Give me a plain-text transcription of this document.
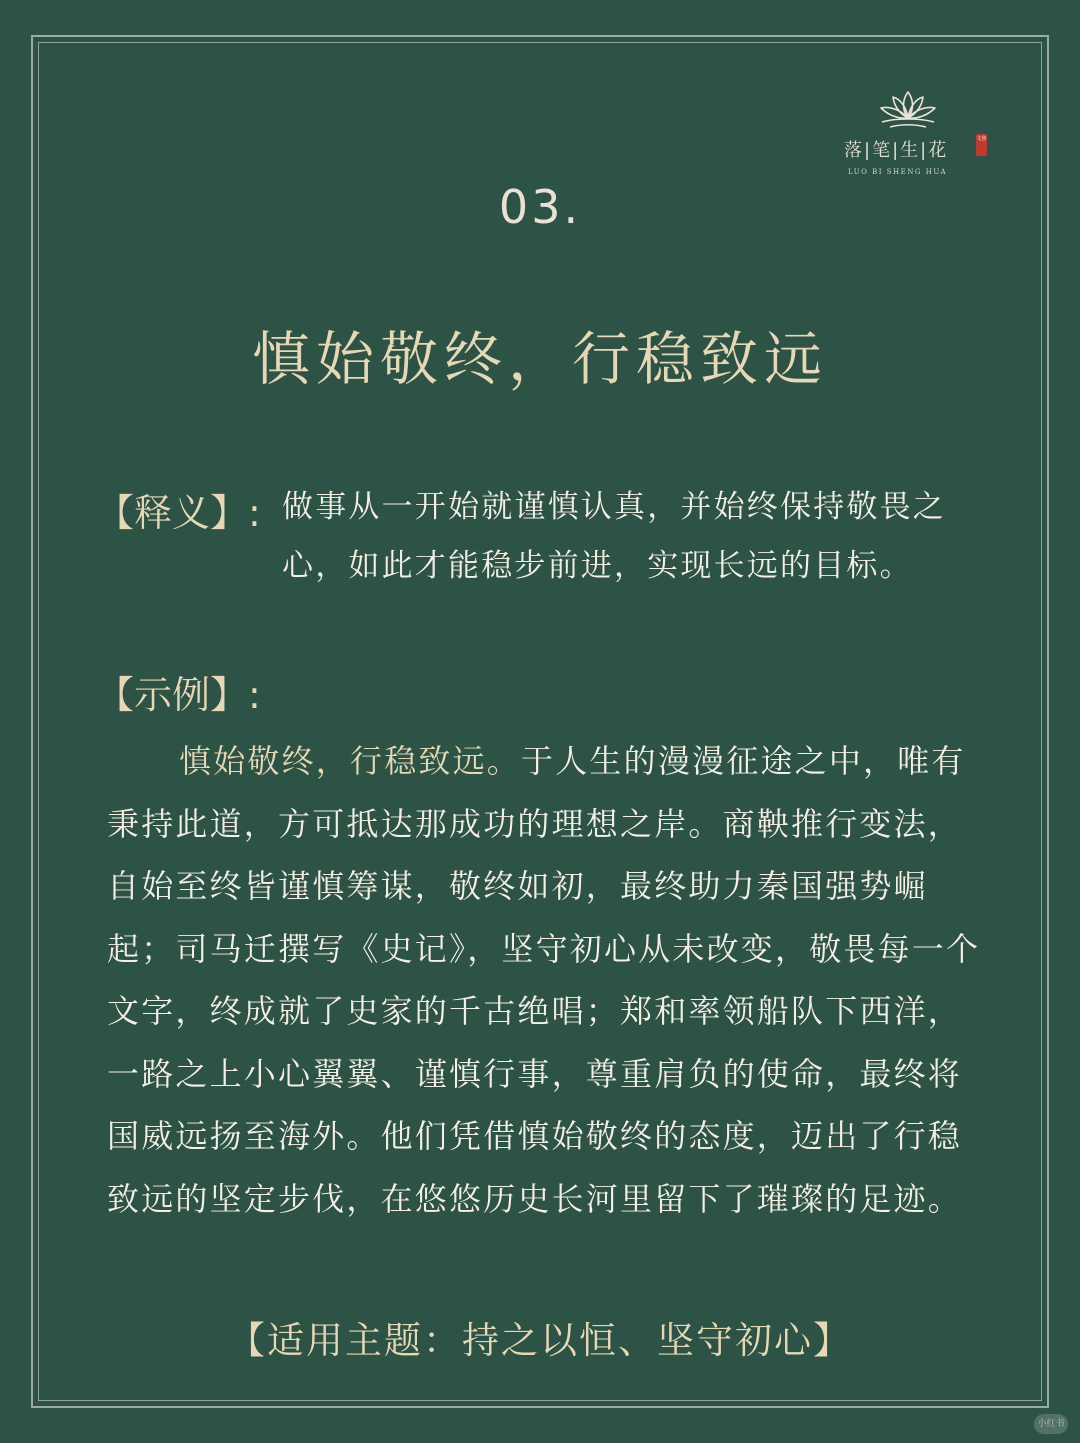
落|笔|生|花
文创
LUO BI SHENG HUA
03.
慎始敬终，行稳致远
【释义】: 做事从一开始就谨慎认真，并始终保持敬畏之心，如此才能稳步前进，实现长远的目标。
【示例】:
慎始敬终，行稳致远。于人生的漫漫征途之中，唯有秉持此道，方可抵达那成功的理想之岸。商鞅推行变法，自始至终皆谨慎筹谋，敬终如初，最终助力秦国强势崛起；司马迁撰写《史记》，坚守初心从未改变，敬畏每一个文字，终成就了史家的千古绝唱；郑和率领船队下西洋，一路之上小心翼翼、谨慎行事，尊重肩负的使命，最终将国威远扬至海外。他们凭借慎始敬终的态度，迈出了行稳致远的坚定步伐，在悠悠历史长河里留下了璀璨的足迹。
【适用主题：持之以恒、坚守初心】
小红书
